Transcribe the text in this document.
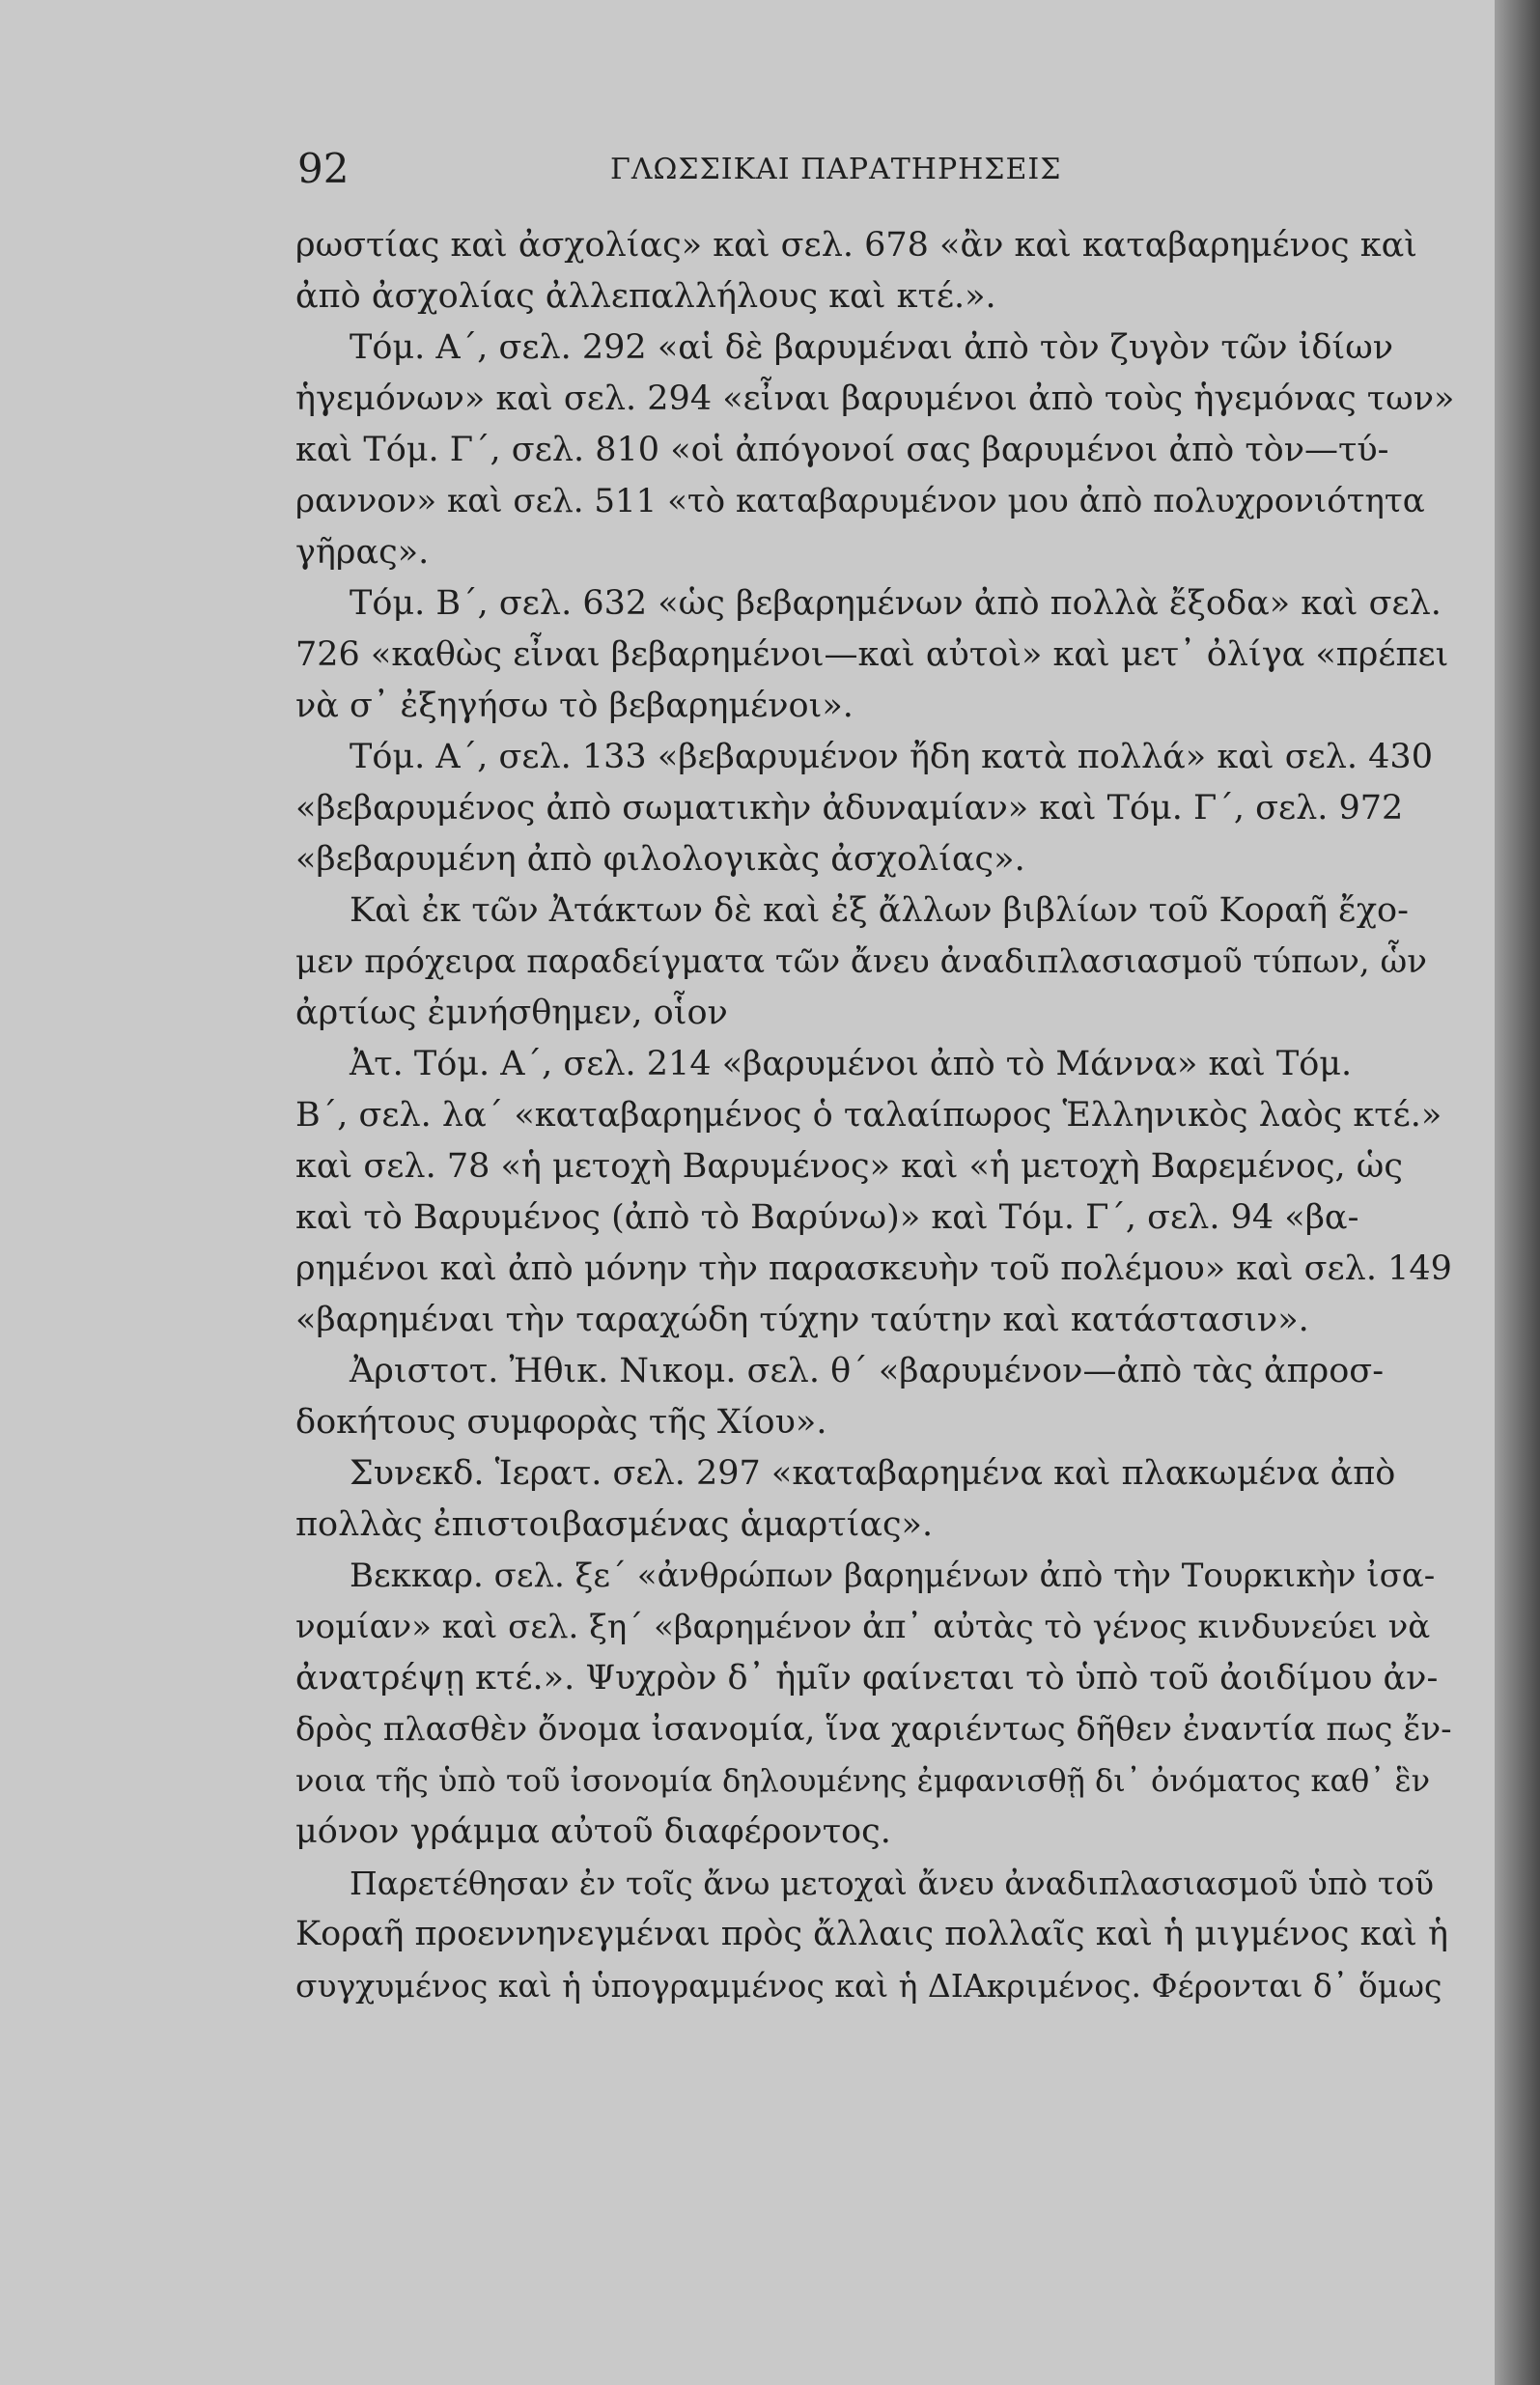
92	ΓΛΩΣΣΙΚΑΙ ΠΑΡΑΤΗΡΗΣΕΙΣ
ρωστίας καὶ ἀσχολίας» καὶ σελ. 678 «ἂν καὶ καταβαρημένος καὶ
ἀπὸ ἀσχολίας ἀλλεπαλλήλους καὶ κτέ.».
Τόμ. Α΄, σελ. 292 «αἱ δὲ βαρυμέναι ἀπὸ τὸν ζυγὸν τῶν ἰδίων
ἡγεμόνων» καὶ σελ. 294 «εἶναι βαρυμένοι ἀπὸ τοὺς ἡγεμόνας των»
καὶ Τόμ. Γ΄, σελ. 810 «οἱ ἀπόγονοί σας βαρυμένοι ἀπὸ τὸν—τύ-
ραννον» καὶ σελ. 511 «τὸ καταβαρυμένον μου ἀπὸ πολυχρονιότητα
γῆρας».
Τόμ. Β΄, σελ. 632 «ὡς βεβαρημένων ἀπὸ πολλὰ ἔξοδα» καὶ σελ.
726 «καθὼς εἶναι βεβαρημένοι—καὶ αὐτοὶ» καὶ μετ᾽ ὀλίγα «πρέπει
νὰ σ᾽ ἐξηγήσω τὸ βεβαρημένοι».
Τόμ. Α΄, σελ. 133 «βεβαρυμένον ἤδη κατὰ πολλά» καὶ σελ. 430
«βεβαρυμένος ἀπὸ σωματικὴν ἀδυναμίαν» καὶ Τόμ. Γ΄, σελ. 972
«βεβαρυμένη ἀπὸ φιλολογικὰς ἀσχολίας».
Καὶ ἐκ τῶν Ἀτάκτων δὲ καὶ ἐξ ἄλλων βιβλίων τοῦ Κοραῆ ἔχο-
μεν πρόχειρα παραδείγματα τῶν ἄνευ ἀναδιπλασιασμοῦ τύπων, ὧν
ἀρτίως ἐμνήσθημεν, οἷον
Ἀτ. Τόμ. Α΄, σελ. 214 «βαρυμένοι ἀπὸ τὸ Μάννα» καὶ Τόμ.
Β΄, σελ. λα΄ «καταβαρημένος ὁ ταλαίπωρος Ἑλληνικὸς λαὸς κτέ.»
καὶ σελ. 78 «ἡ μετοχὴ Βαρυμένος» καὶ «ἡ μετοχὴ Βαρεμένος, ὡς
καὶ τὸ Βαρυμένος (ἀπὸ τὸ Βαρύνω)» καὶ Τόμ. Γ΄, σελ. 94 «βα-
ρημένοι καὶ ἀπὸ μόνην τὴν παρασκευὴν τοῦ πολέμου» καὶ σελ. 149
«βαρημέναι τὴν ταραχώδη τύχην ταύτην καὶ κατάστασιν».
Ἀριστοτ. Ἠθικ. Νικομ. σελ. θ΄ «βαρυμένον—ἀπὸ τὰς ἀπροσ-
δοκήτους συμφορὰς τῆς Χίου».
Συνεκδ. Ἱερατ. σελ. 297 «καταβαρημένα καὶ πλακωμένα ἀπὸ
πολλὰς ἐπιστοιβασμένας ἁμαρτίας».
Βεκκαρ. σελ. ξε΄ «ἀνθρώπων βαρημένων ἀπὸ τὴν Τουρκικὴν ἰσα-
νομίαν» καὶ σελ. ξη΄ «βαρημένον ἀπ᾽ αὐτὰς τὸ γένος κινδυνεύει νὰ
ἀνατρέψῃ κτέ.». Ψυχρὸν δ᾽ ἡμῖν φαίνεται τὸ ὑπὸ τοῦ ἀοιδίμου ἀν-
δρὸς πλασθὲν ὄνομα ἰσανομία, ἵνα χαριέντως δῆθεν ἐναντία πως ἔν-
νοια τῆς ὑπὸ τοῦ ἰσονομία δηλουμένης ἐμφανισθῇ δι᾽ ὀνόματος καθ᾽ ἓν
μόνον γράμμα αὐτοῦ διαφέροντος.
Παρετέθησαν ἐν τοῖς ἄνω μετοχαὶ ἄνευ ἀναδιπλασιασμοῦ ὑπὸ τοῦ
Κοραῆ προεννηνεγμέναι πρὸς ἄλλαις πολλαῖς καὶ ἡ μιγμένος καὶ ἡ
συγχυμένος καὶ ἡ ὑπογραμμένος καὶ ἡ ΔΙΑκριμένος. Φέρονται δ᾽ ὅμως
